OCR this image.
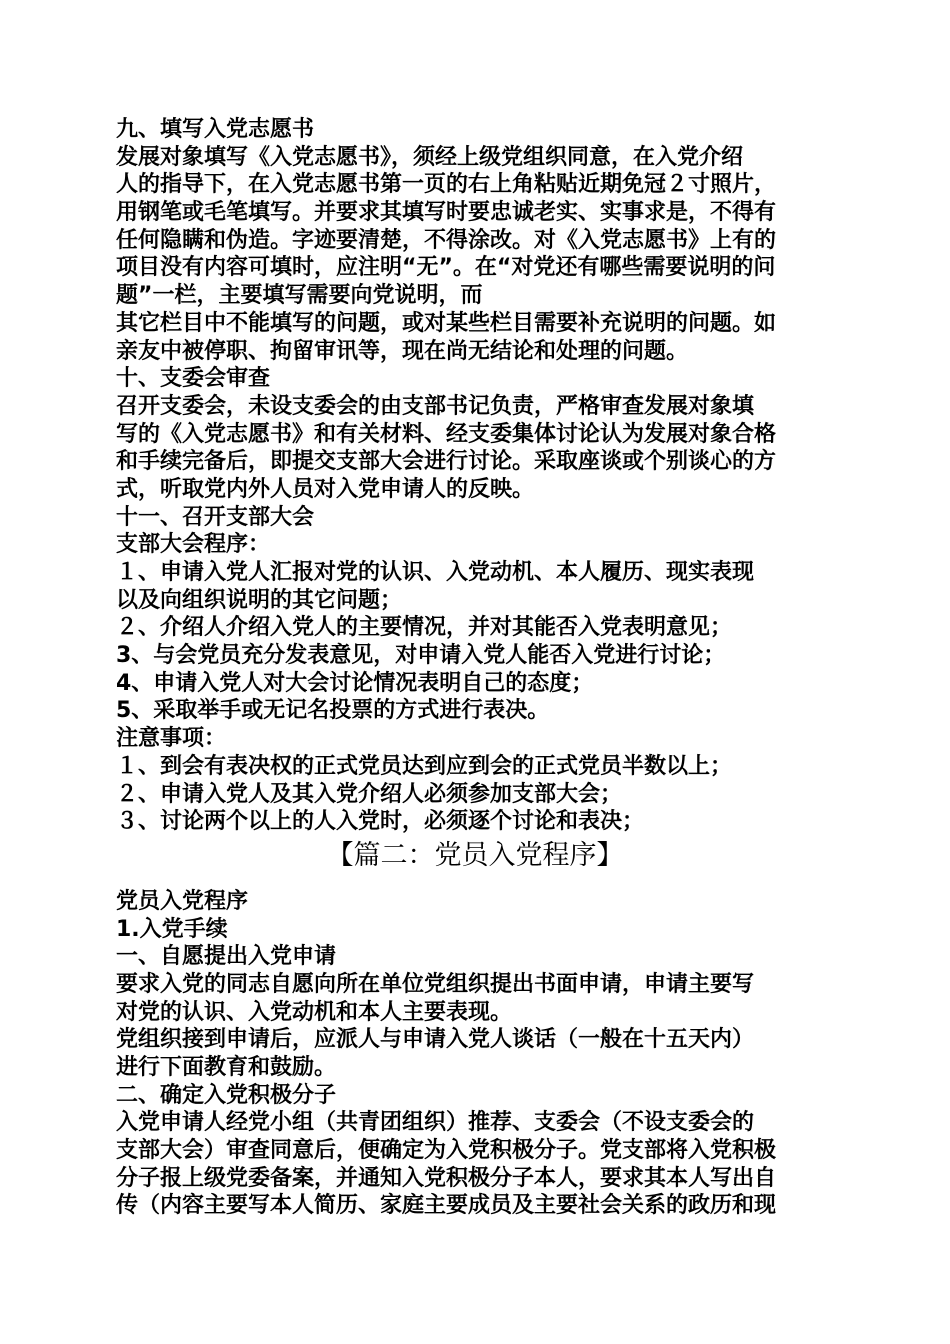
九、填写入党志愿书
发展对象填写《入党志愿书》，须经上级党组织同意，在入党介绍
人的指导下，在入党志愿书第一页的右上角粘贴近期免冠２寸照片，
用钢笔或毛笔填写。并要求其填写时要忠诚老实、实事求是，不得有
任何隐瞒和伪造。字迹要清楚，不得涂改。对《入党志愿书》上有的
项目没有内容可填时，应注明“无”。在“对党还有哪些需要说明的问
题”一栏，主要填写需要向党说明，而
其它栏目中不能填写的问题，或对某些栏目需要补充说明的问题。如
亲友中被停职、拘留审讯等，现在尚无结论和处理的问题。
十、支委会审查
召开支委会，未设支委会的由支部书记负责，严格审查发展对象填
写的《入党志愿书》和有关材料、经支委集体讨论认为发展对象合格
和手续完备后，即提交支部大会进行讨论。采取座谈或个别谈心的方
式，听取党内外人员对入党申请人的反映。
十一、召开支部大会
支部大会程序：
１、申请入党人汇报对党的认识、入党动机、本人履历、现实表现
以及向组织说明的其它问题；
２、介绍人介绍入党人的主要情况，并对其能否入党表明意见；
3、与会党员充分发表意见，对申请入党人能否入党进行讨论；
4、申请入党人对大会讨论情况表明自己的态度；
5、采取举手或无记名投票的方式进行表决。
注意事项：
１、到会有表决权的正式党员达到应到会的正式党员半数以上；
２、申请入党人及其入党介绍人必须参加支部大会；
３、讨论两个以上的人入党时，必须逐个讨论和表决；
【篇二：党员入党程序】
党员入党程序
1.入党手续
一、自愿提出入党申请
要求入党的同志自愿向所在单位党组织提出书面申请，申请主要写
对党的认识、入党动机和本人主要表现。
党组织接到申请后，应派人与申请入党人谈话（一般在十五天内）
进行下面教育和鼓励。
二、确定入党积极分子
入党申请人经党小组（共青团组织）推荐、支委会（不设支委会的
支部大会）审查同意后，便确定为入党积极分子。党支部将入党积极
分子报上级党委备案，并通知入党积极分子本人，要求其本人写出自
传（内容主要写本人简历、家庭主要成员及主要社会关系的政历和现
